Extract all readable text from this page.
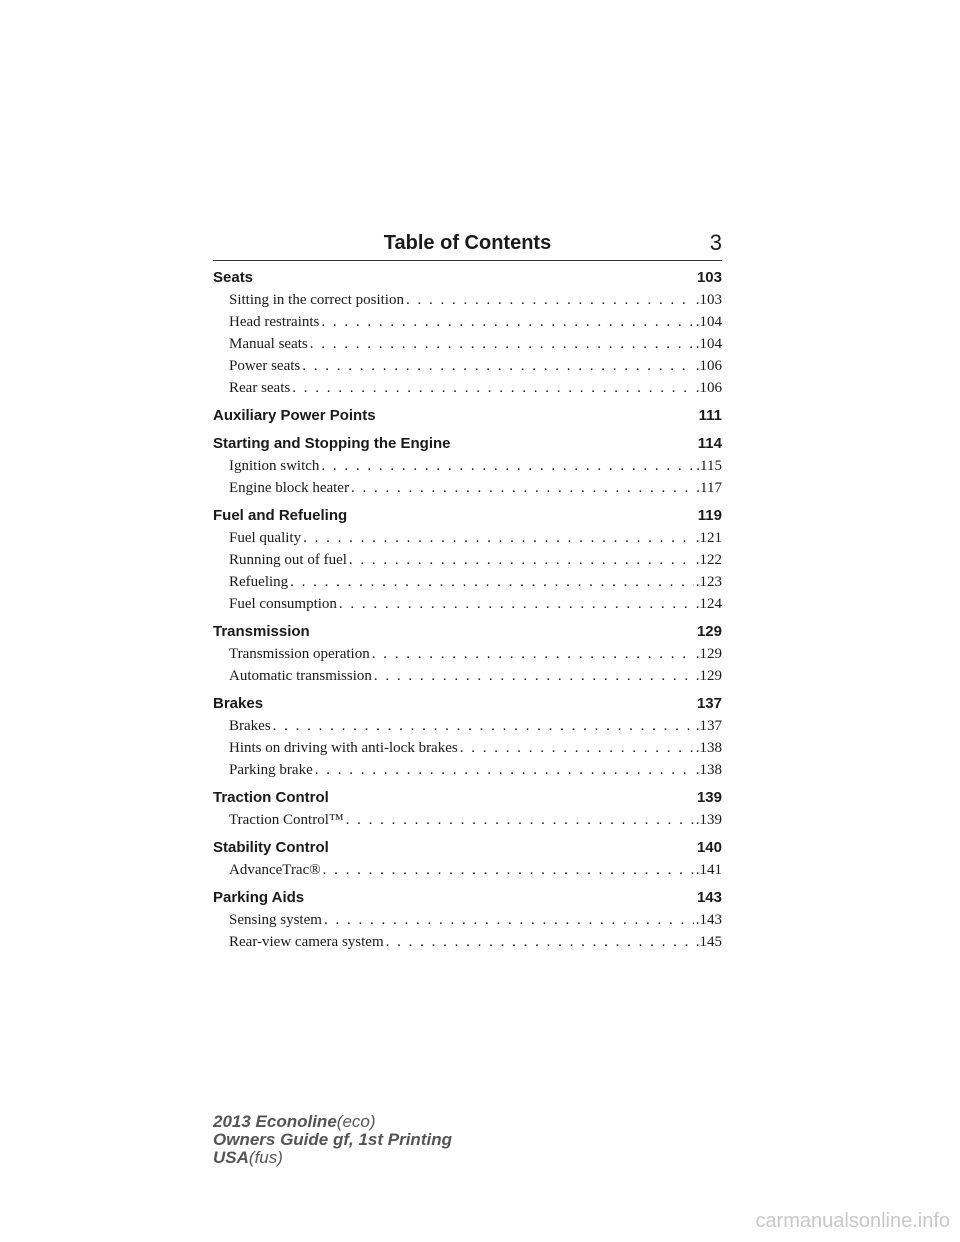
Table of Contents	3
Seats	103
Sitting in the correct position . . .	.103
Head restraints . . .	.104
Manual seats . . .	.104
Power seats . . .	.106
Rear seats . . .	.106
Auxiliary Power Points	111
Starting and Stopping the Engine	114
Ignition switch . . .	.115
Engine block heater . . .	.117
Fuel and Refueling	119
Fuel quality . . .	.121
Running out of fuel . . .	.122
Refueling . . .	.123
Fuel consumption . . .	.124
Transmission	129
Transmission operation . . .	.129
Automatic transmission . . .	.129
Brakes	137
Brakes . . .	.137
Hints on driving with anti-lock brakes . . .	.138
Parking brake . . .	.138
Traction Control	139
Traction Control™ . . .	.139
Stability Control	140
AdvanceTrac® . . .	.141
Parking Aids	143
Sensing system . . .	.143
Rear-view camera system . . .	.145
2013 Econoline(eco)
Owners Guide gf, 1st Printing
USA(fus)
carmanualsonline.info
